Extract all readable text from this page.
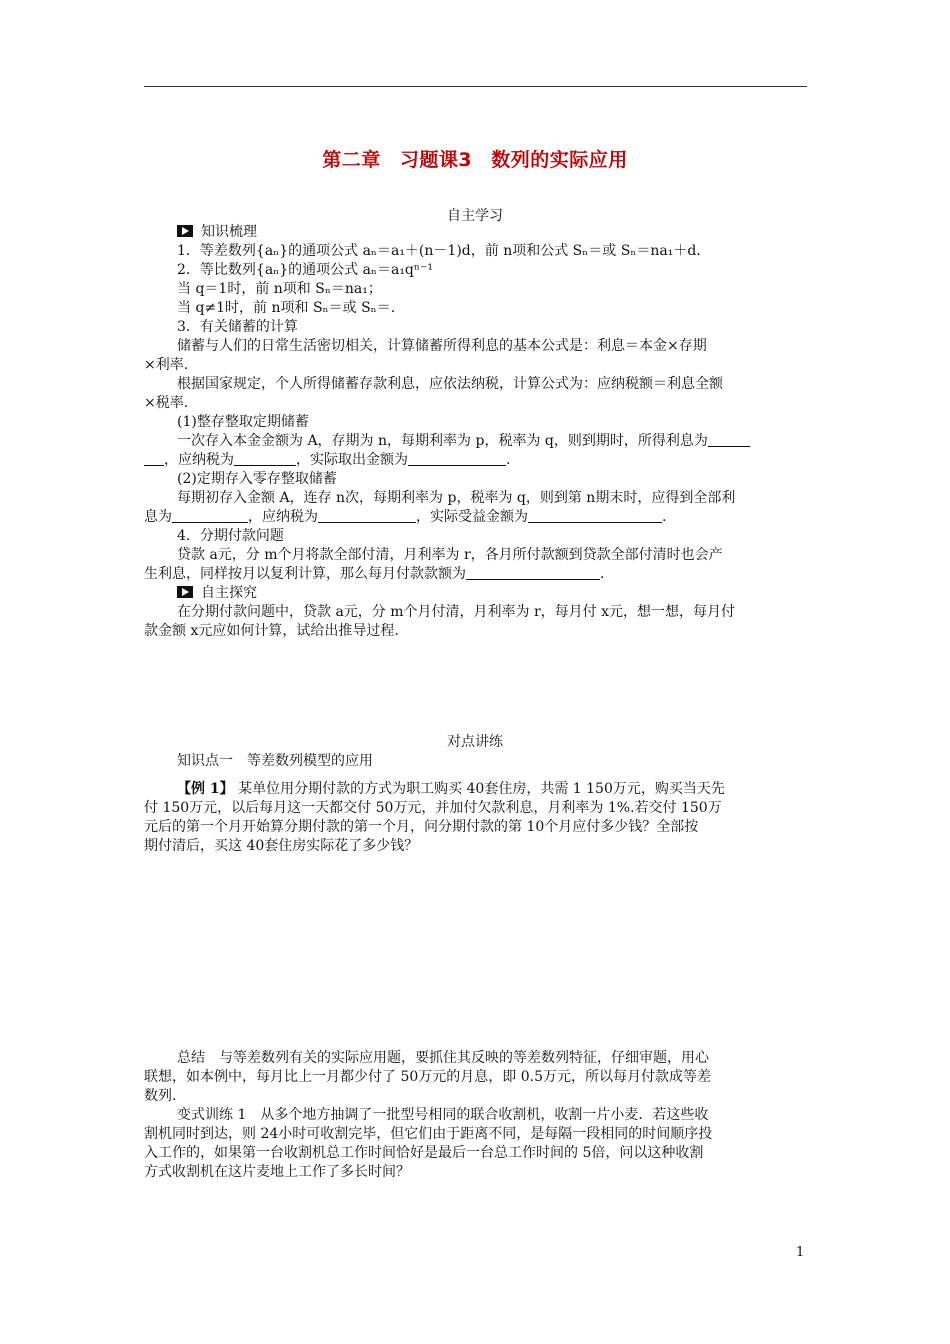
第二章 习题课3 数列的实际应用
自主学习
知识梳理
1．等差数列{aₙ}的通项公式 aₙ＝a₁＋(n－1)d，前 n项和公式 Sₙ＝或 Sₙ＝na₁＋d.
2．等比数列{aₙ}的通项公式 aₙ＝a₁qⁿ⁻¹
当 q＝1时，前 n项和 Sₙ＝na₁；
当 q≠1时，前 n项和 Sₙ＝或 Sₙ＝.
3．有关储蓄的计算
储蓄与人们的日常生活密切相关，计算储蓄所得利息的基本公式是：利息＝本金×存期
×利率.
根据国家规定，个人所得储蓄存款利息，应依法纳税，计算公式为：应纳税额＝利息全额
×税率.
(1)整存整取定期储蓄
一次存入本金金额为 A，存期为 n，每期利率为 p，税率为 q，则到期时，所得利息为
，应纳税为	，实际取出金额为	.
(2)定期存入零存整取储蓄
每期初存入金额 A，连存 n次，每期利率为 p，税率为 q，则到第 n期末时，应得到全部利
息为	，应纳税为	，实际受益金额为	.
4．分期付款问题
贷款 a元，分 m个月将款全部付清，月利率为 r，各月所付款额到贷款全部付清时也会产
生利息，同样按月以复利计算，那么每月付款款额为	.
自主探究
在分期付款问题中，贷款 a元，分 m个月付清，月利率为 r，每月付 x元，想一想，每月付
款金额 x元应如何计算，试给出推导过程.
对点讲练
知识点一　等差数列模型的应用
【例 1】 某单位用分期付款的方式为职工购买 40套住房，共需 1 150万元，购买当天先
付 150万元，以后每月这一天都交付 50万元，并加付欠款利息，月利率为 1%.若交付 150万
元后的第一个月开始算分期付款的第一个月，问分期付款的第 10个月应付多少钱？全部按
期付清后，买这 40套住房实际花了多少钱？
总结　与等差数列有关的实际应用题，要抓住其反映的等差数列特征，仔细审题，用心
联想，如本例中，每月比上一月都少付了 50万元的月息，即 0.5万元，所以每月付款成等差
数列.
变式训练 1　从多个地方抽调了一批型号相同的联合收割机，收割一片小麦．若这些收
割机同时到达，则 24小时可收割完毕，但它们由于距离不同，是每隔一段相同的时间顺序投
入工作的，如果第一台收割机总工作时间恰好是最后一台总工作时间的 5倍，问以这种收割
方式收割机在这片麦地上工作了多长时间？
1
